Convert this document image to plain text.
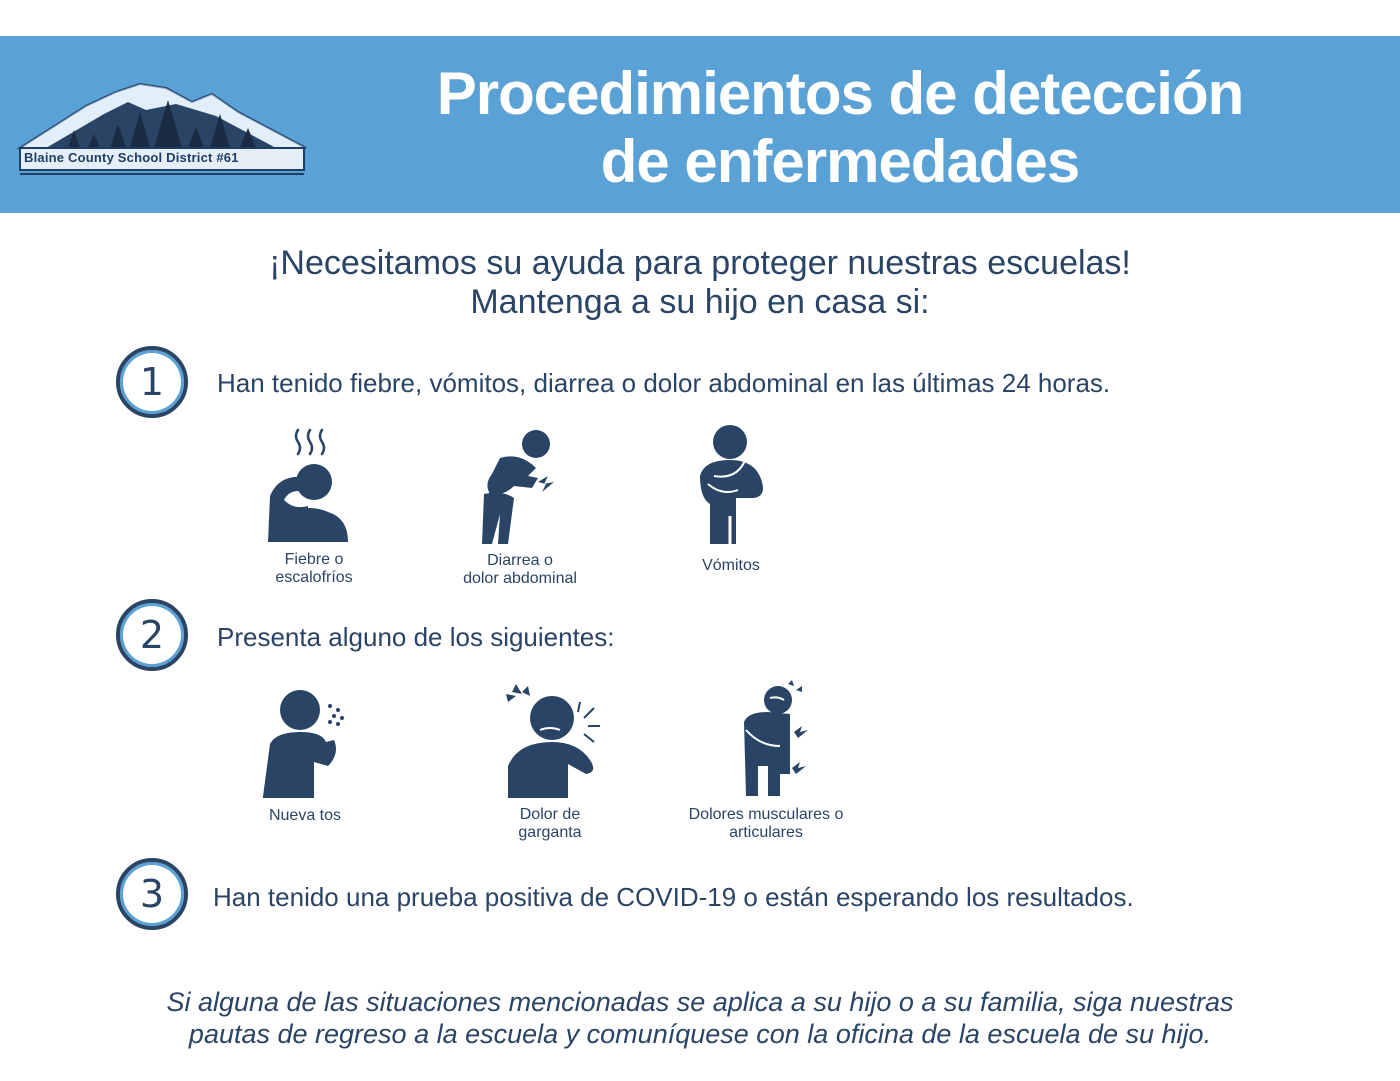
Blaine County School District #61
Procedimientos de detección
de enfermedades
¡Necesitamos su ayuda para proteger nuestras escuelas!
Mantenga a su hijo en casa si:
1	Han tenido fiebre, vómitos, diarrea o dolor abdominal en las últimas 24 horas.
Fiebre o
escalofríos
Diarrea o
dolor abdominal
Vómitos
2	Presenta alguno de los siguientes:
Nueva tos	Dolor de
garganta
Dolores musculares o
articulares
3	Han tenido una prueba positiva de COVID-19 o están esperando los resultados.
Si alguna de las situaciones mencionadas se aplica a su hijo o a su familia, siga nuestras
pautas de regreso a la escuela y comuníquese con la oficina de la escuela de su hijo.
